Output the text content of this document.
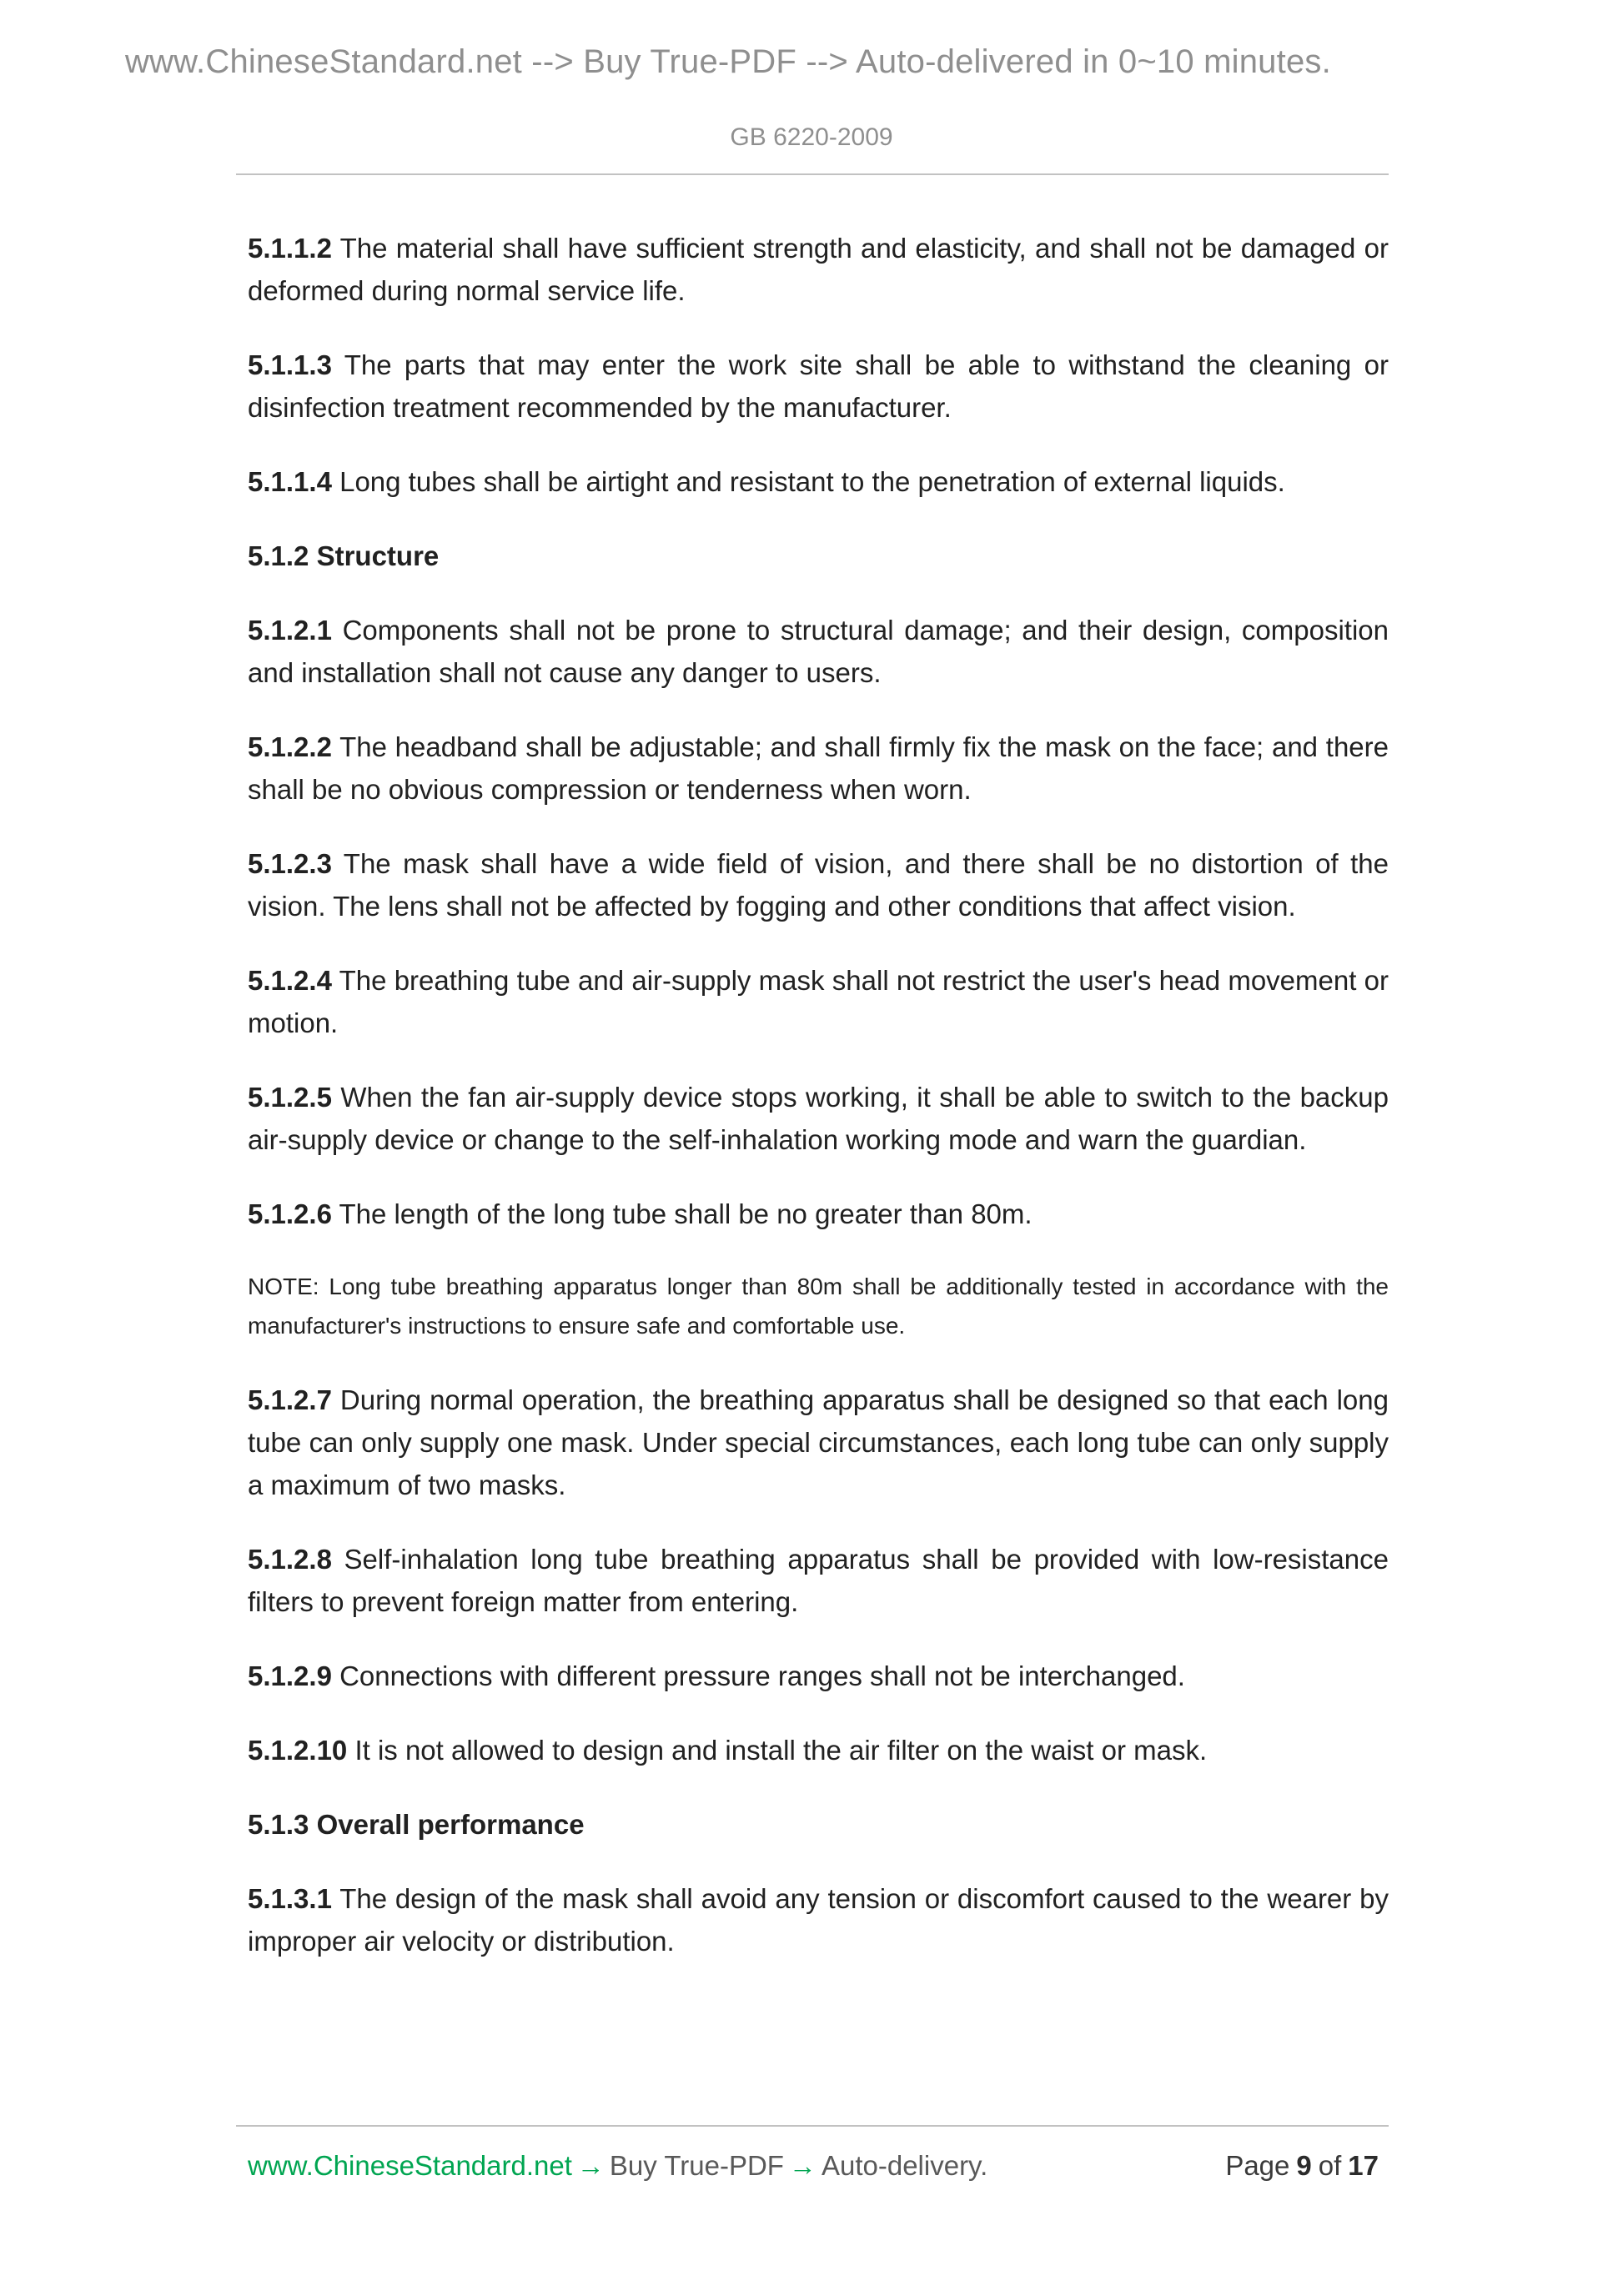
www.ChineseStandard.net --> Buy True-PDF --> Auto-delivered in 0~10 minutes.
GB 6220-2009

5.1.1.2 The material shall have sufficient strength and elasticity, and shall not be damaged or deformed during normal service life.

5.1.1.3 The parts that may enter the work site shall be able to withstand the cleaning or disinfection treatment recommended by the manufacturer.

5.1.1.4 Long tubes shall be airtight and resistant to the penetration of external liquids.

5.1.2 Structure

5.1.2.1 Components shall not be prone to structural damage; and their design, composition and installation shall not cause any danger to users.

5.1.2.2 The headband shall be adjustable; and shall firmly fix the mask on the face; and there shall be no obvious compression or tenderness when worn.

5.1.2.3 The mask shall have a wide field of vision, and there shall be no distortion of the vision. The lens shall not be affected by fogging and other conditions that affect vision.

5.1.2.4 The breathing tube and air-supply mask shall not restrict the user's head movement or motion.

5.1.2.5 When the fan air-supply device stops working, it shall be able to switch to the backup air-supply device or change to the self-inhalation working mode and warn the guardian.

5.1.2.6 The length of the long tube shall be no greater than 80m.

NOTE: Long tube breathing apparatus longer than 80m shall be additionally tested in accordance with the manufacturer's instructions to ensure safe and comfortable use.

5.1.2.7 During normal operation, the breathing apparatus shall be designed so that each long tube can only supply one mask. Under special circumstances, each long tube can only supply a maximum of two masks.

5.1.2.8 Self-inhalation long tube breathing apparatus shall be provided with low-resistance filters to prevent foreign matter from entering.

5.1.2.9 Connections with different pressure ranges shall not be interchanged.

5.1.2.10 It is not allowed to design and install the air filter on the waist or mask.

5.1.3 Overall performance

5.1.3.1 The design of the mask shall avoid any tension or discomfort caused to the wearer by improper air velocity or distribution.

www.ChineseStandard.net → Buy True-PDF → Auto-delivery.	Page 9 of 17
